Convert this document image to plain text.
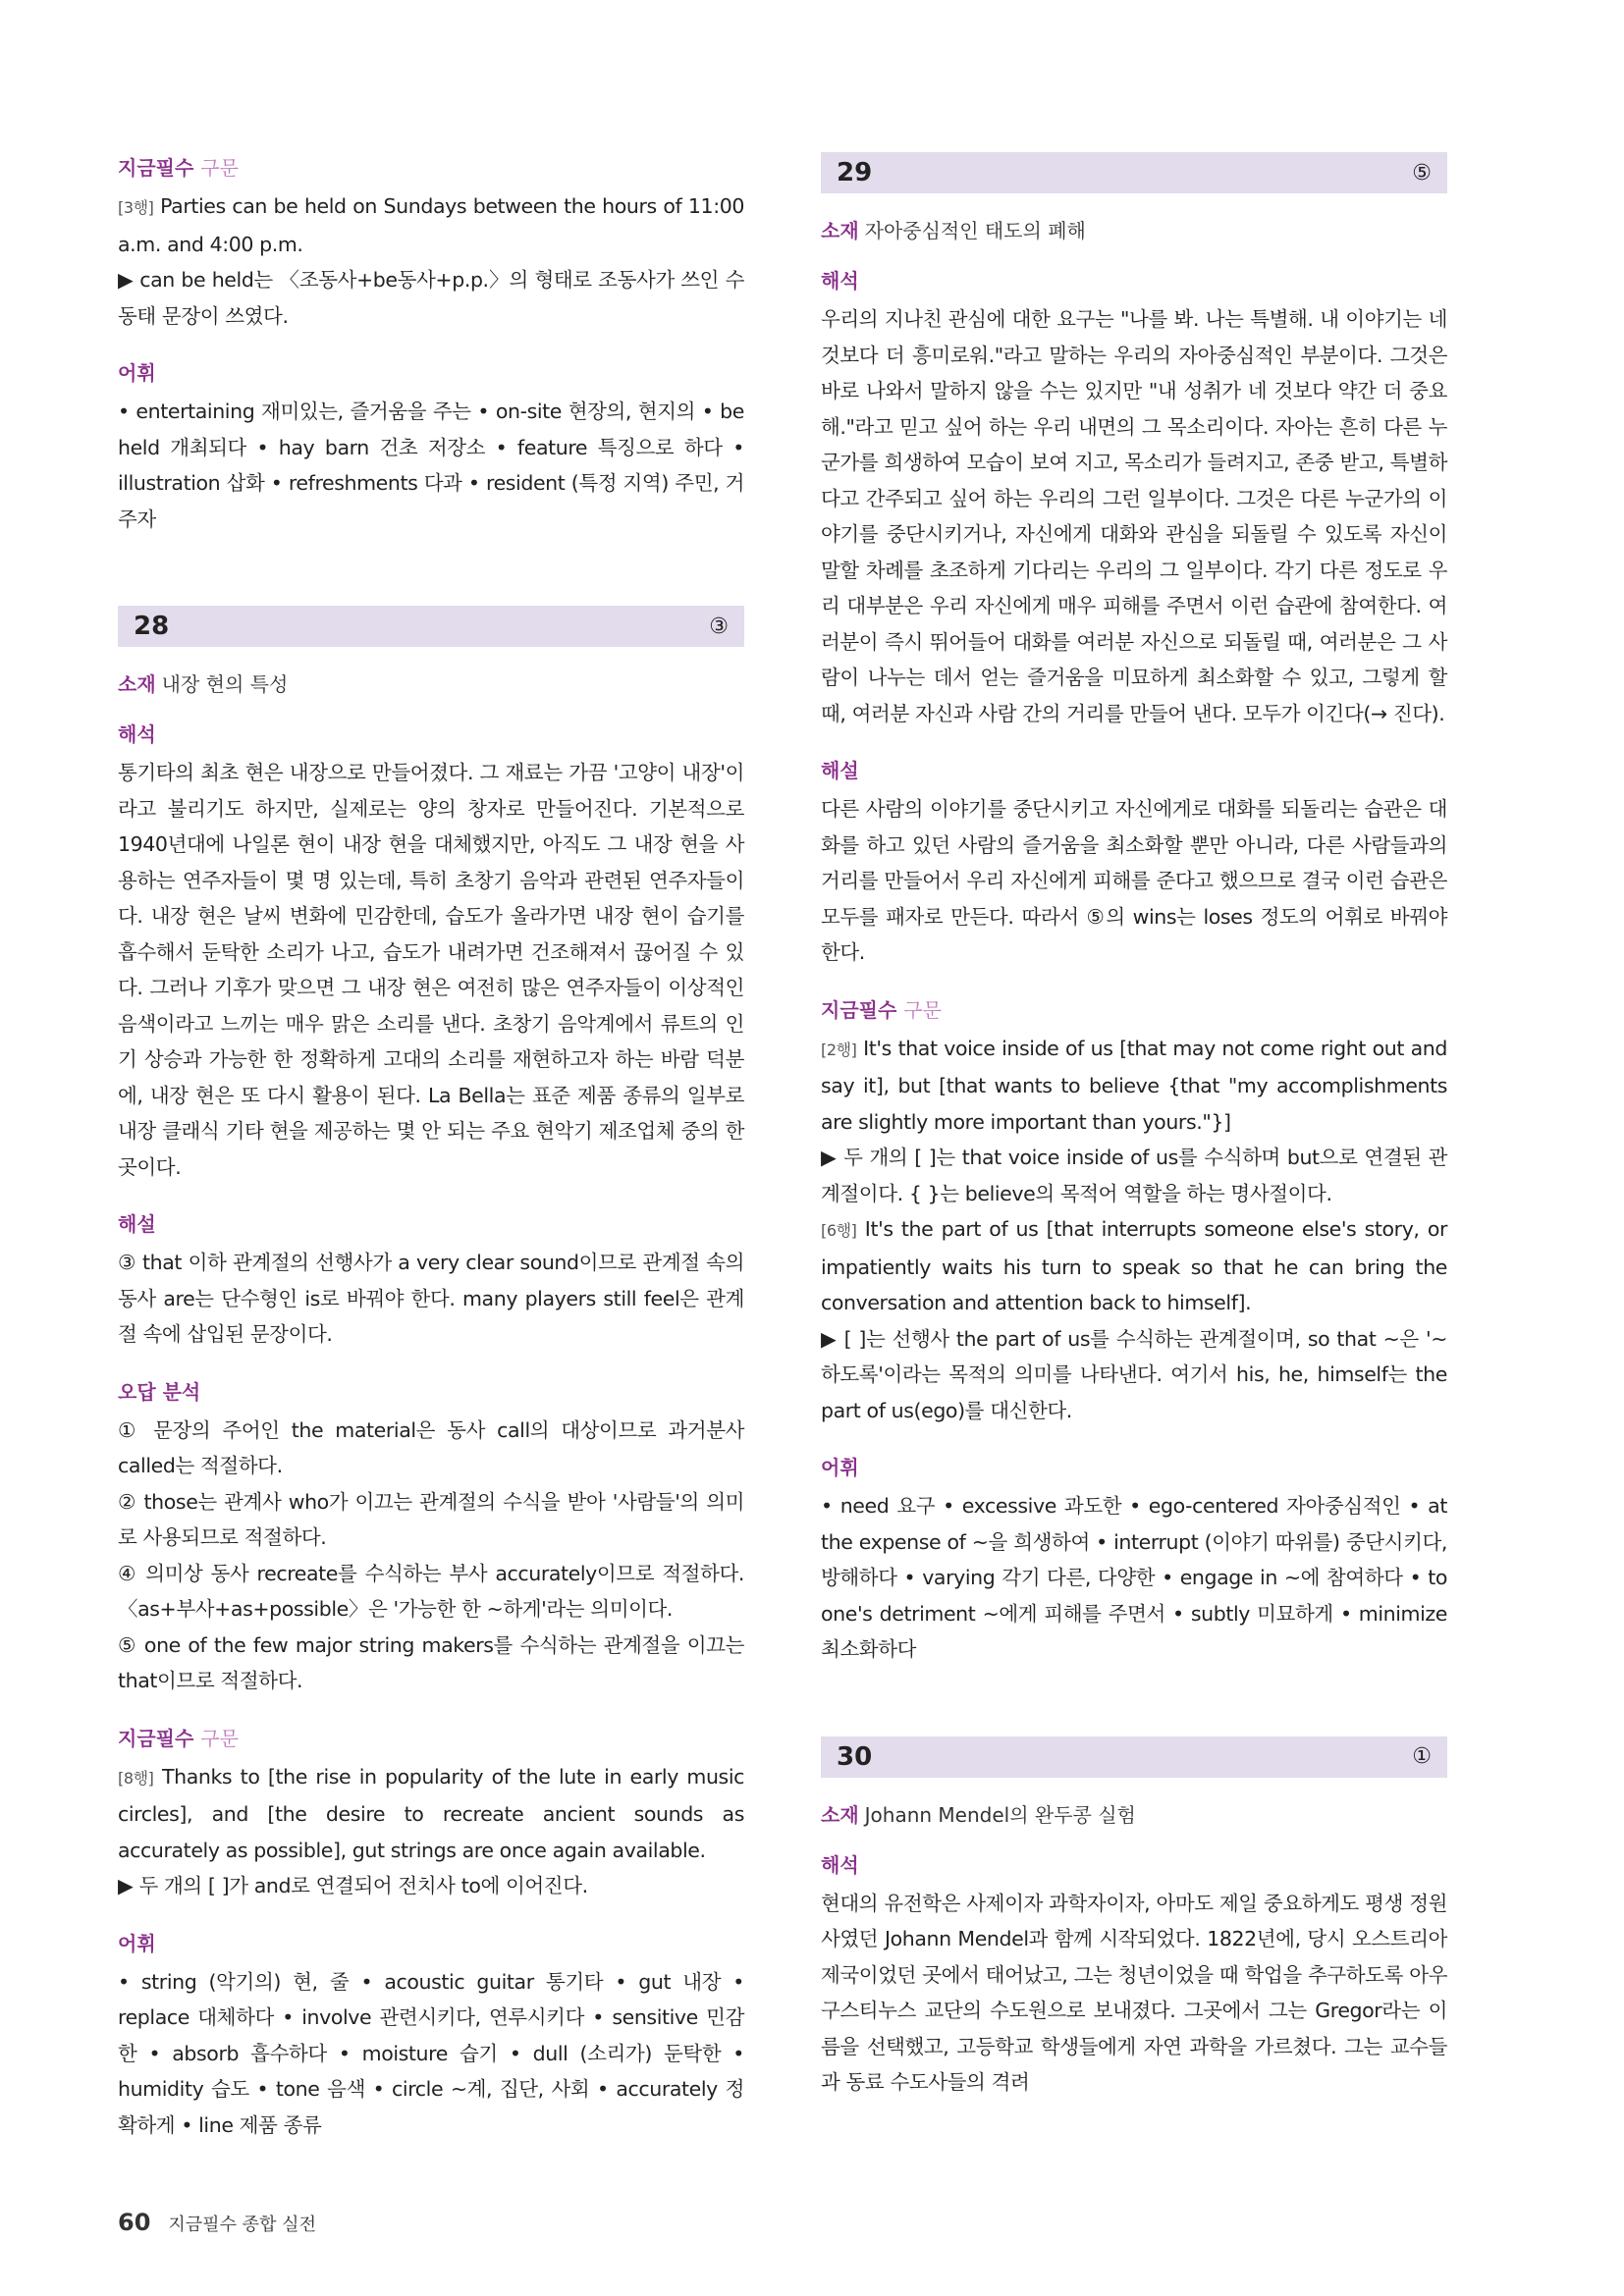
지금필수 구문

[3행] Parties can be held on Sundays between the hours of 11:00 a.m. and 4:00 p.m.

▶ can be held는 〈조동사+be동사+p.p.〉의 형태로 조동사가 쓰인 수동태 문장이 쓰였다.

어휘

• entertaining 재미있는, 즐거움을 주는 • on-site 현장의, 현지의 • be held 개최되다 • hay barn 건초 저장소 • feature 특징으로 하다 • illustration 삽화 • refreshments 다과 • resident (특정 지역) 주민, 거주자

28	③
소재 내장 현의 특성
해석

통기타의 최초 현은 내장으로 만들어졌다. 그 재료는 가끔 '고양이 내장'이라고 불리기도 하지만, 실제로는 양의 창자로 만들어진다. 기본적으로 1940년대에 나일론 현이 내장 현을 대체했지만, 아직도 그 내장 현을 사용하는 연주자들이 몇 명 있는데, 특히 초창기 음악과 관련된 연주자들이다. 내장 현은 날씨 변화에 민감한데, 습도가 올라가면 내장 현이 습기를 흡수해서 둔탁한 소리가 나고, 습도가 내려가면 건조해져서 끊어질 수 있다. 그러나 기후가 맞으면 그 내장 현은 여전히 많은 연주자들이 이상적인 음색이라고 느끼는 매우 맑은 소리를 낸다. 초창기 음악계에서 류트의 인기 상승과 가능한 한 정확하게 고대의 소리를 재현하고자 하는 바람 덕분에, 내장 현은 또 다시 활용이 된다. La Bella는 표준 제품 종류의 일부로 내장 클래식 기타 현을 제공하는 몇 안 되는 주요 현악기 제조업체 중의 한 곳이다.

해설

③ that 이하 관계절의 선행사가 a very clear sound이므로 관계절 속의 동사 are는 단수형인 is로 바꿔야 한다. many players still feel은 관계절 속에 삽입된 문장이다.

오답 분석

① 문장의 주어인 the material은 동사 call의 대상이므로 과거분사 called는 적절하다.

② those는 관계사 who가 이끄는 관계절의 수식을 받아 '사람들'의 의미로 사용되므로 적절하다.

④ 의미상 동사 recreate를 수식하는 부사 accurately이므로 적절하다. 〈as+부사+as+possible〉은 '가능한 한 ~하게'라는 의미이다.

⑤ one of the few major string makers를 수식하는 관계절을 이끄는 that이므로 적절하다.

지금필수 구문

[8행] Thanks to [the rise in popularity of the lute in early music circles], and [the desire to recreate ancient sounds as accurately as possible], gut strings are once again available.

▶ 두 개의 [ ]가 and로 연결되어 전치사 to에 이어진다.

어휘

• string (악기의) 현, 줄 • acoustic guitar 통기타 • gut 내장 • replace 대체하다 • involve 관련시키다, 연루시키다 • sensitive 민감한 • absorb 흡수하다 • moisture 습기 • dull (소리가) 둔탁한 • humidity 습도 • tone 음색 • circle ~계, 집단, 사회 • accurately 정확하게 • line 제품 종류

29	⑤
소재 자아중심적인 태도의 폐해
해석

우리의 지나친 관심에 대한 요구는 "나를 봐. 나는 특별해. 내 이야기는 네 것보다 더 흥미로워."라고 말하는 우리의 자아중심적인 부분이다. 그것은 바로 나와서 말하지 않을 수는 있지만 "내 성취가 네 것보다 약간 더 중요해."라고 믿고 싶어 하는 우리 내면의 그 목소리이다. 자아는 흔히 다른 누군가를 희생하여 모습이 보여 지고, 목소리가 들려지고, 존중 받고, 특별하다고 간주되고 싶어 하는 우리의 그런 일부이다. 그것은 다른 누군가의 이야기를 중단시키거나, 자신에게 대화와 관심을 되돌릴 수 있도록 자신이 말할 차례를 초조하게 기다리는 우리의 그 일부이다. 각기 다른 정도로 우리 대부분은 우리 자신에게 매우 피해를 주면서 이런 습관에 참여한다. 여러분이 즉시 뛰어들어 대화를 여러분 자신으로 되돌릴 때, 여러분은 그 사람이 나누는 데서 얻는 즐거움을 미묘하게 최소화할 수 있고, 그렇게 할 때, 여러분 자신과 사람 간의 거리를 만들어 낸다. 모두가 이긴다(→ 진다).

해설

다른 사람의 이야기를 중단시키고 자신에게로 대화를 되돌리는 습관은 대화를 하고 있던 사람의 즐거움을 최소화할 뿐만 아니라, 다른 사람들과의 거리를 만들어서 우리 자신에게 피해를 준다고 했으므로 결국 이런 습관은 모두를 패자로 만든다. 따라서 ⑤의 wins는 loses 정도의 어휘로 바꿔야 한다.

지금필수 구문

[2행] It's that voice inside of us [that may not come right out and say it], but [that wants to believe {that "my accomplishments are slightly more important than yours."}]

▶ 두 개의 [ ]는 that voice inside of us를 수식하며 but으로 연결된 관계절이다. { }는 believe의 목적어 역할을 하는 명사절이다.

[6행] It's the part of us [that interrupts someone else's story, or impatiently waits his turn to speak so that he can bring the conversation and attention back to himself].

▶ [ ]는 선행사 the part of us를 수식하는 관계절이며, so that ~은 '~하도록'이라는 목적의 의미를 나타낸다. 여기서 his, he, himself는 the part of us(ego)를 대신한다.

어휘

• need 요구 • excessive 과도한 • ego-centered 자아중심적인 • at the expense of ~을 희생하여 • interrupt (이야기 따위를) 중단시키다, 방해하다 • varying 각기 다른, 다양한 • engage in ~에 참여하다 • to one's detriment ~에게 피해를 주면서 • subtly 미묘하게 • minimize 최소화하다

30	①
소재 Johann Mendel의 완두콩 실험
해석

현대의 유전학은 사제이자 과학자이자, 아마도 제일 중요하게도 평생 정원사였던 Johann Mendel과 함께 시작되었다. 1822년에, 당시 오스트리아 제국이었던 곳에서 태어났고, 그는 청년이었을 때 학업을 추구하도록 아우구스티누스 교단의 수도원으로 보내졌다. 그곳에서 그는 Gregor라는 이름을 선택했고, 고등학교 학생들에게 자연 과학을 가르쳤다. 그는 교수들과 동료 수도사들의 격려

60 지금필수 종합 실전
